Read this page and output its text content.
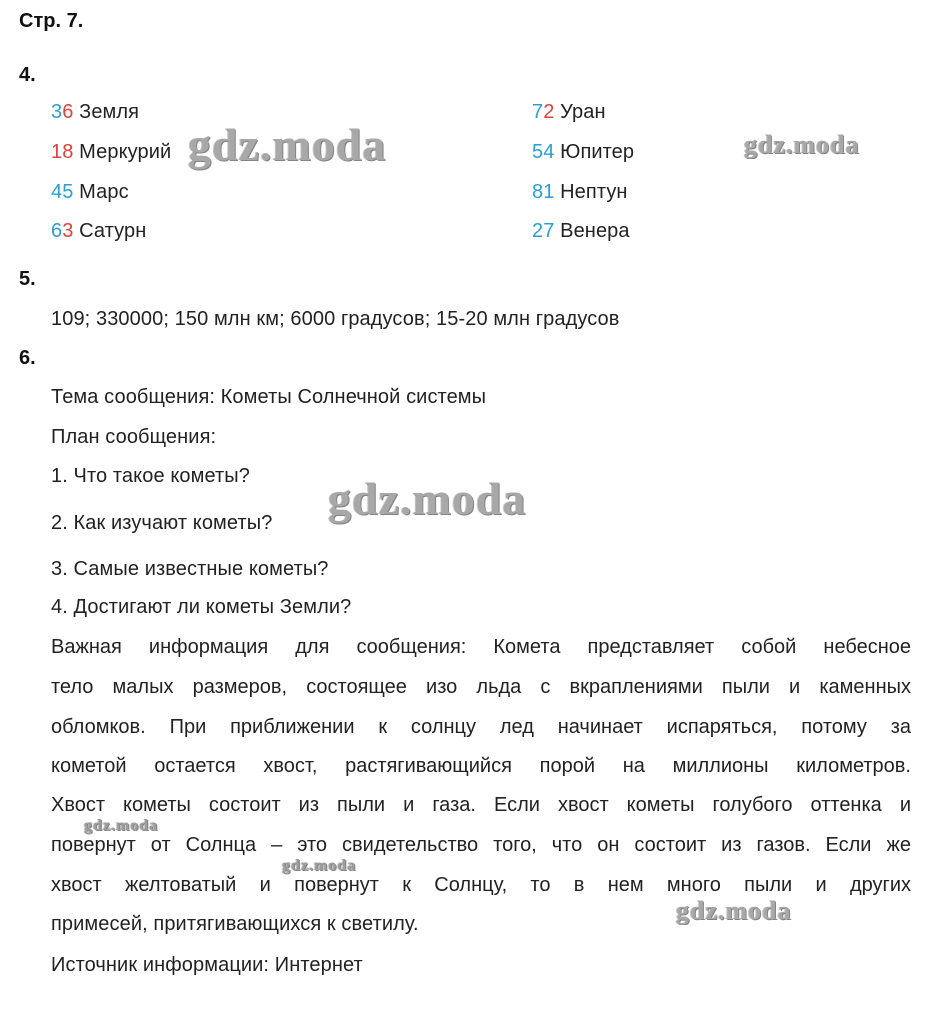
Стр. 7.
4.
36 Земля
18 Меркурий
45 Марс
63 Сатурн
72 Уран
54 Юпитер
81 Нептун
27 Венера
5.
109; 330000; 150 млн км; 6000 градусов; 15-20 млн градусов
6.
Тема сообщения: Кометы Солнечной системы
План сообщения:
1. Что такое кометы?
2. Как изучают кометы?
3. Самые известные кометы?
4. Достигают ли кометы Земли?
Важная информация для сообщения: Комета представляет собой небесное
тело малых размеров, состоящее изо льда с вкраплениями пыли и каменных
обломков. При приближении к солнцу лед начинает испаряться, потому за
кометой остается хвост, растягивающийся порой на миллионы километров.
Хвост кометы состоит из пыли и газа. Если хвост кометы голубого оттенка и
повернут от Солнца – это свидетельство того, что он состоит из газов. Если же
хвост желтоватый и повернут к Солнцу, то в нем много пыли и других
примесей, притягивающихся к светилу.
Источник информации: Интернет
gdz.moda	gdz.moda
gdz.moda
gdz.moda
gdz.moda
gdz.moda
